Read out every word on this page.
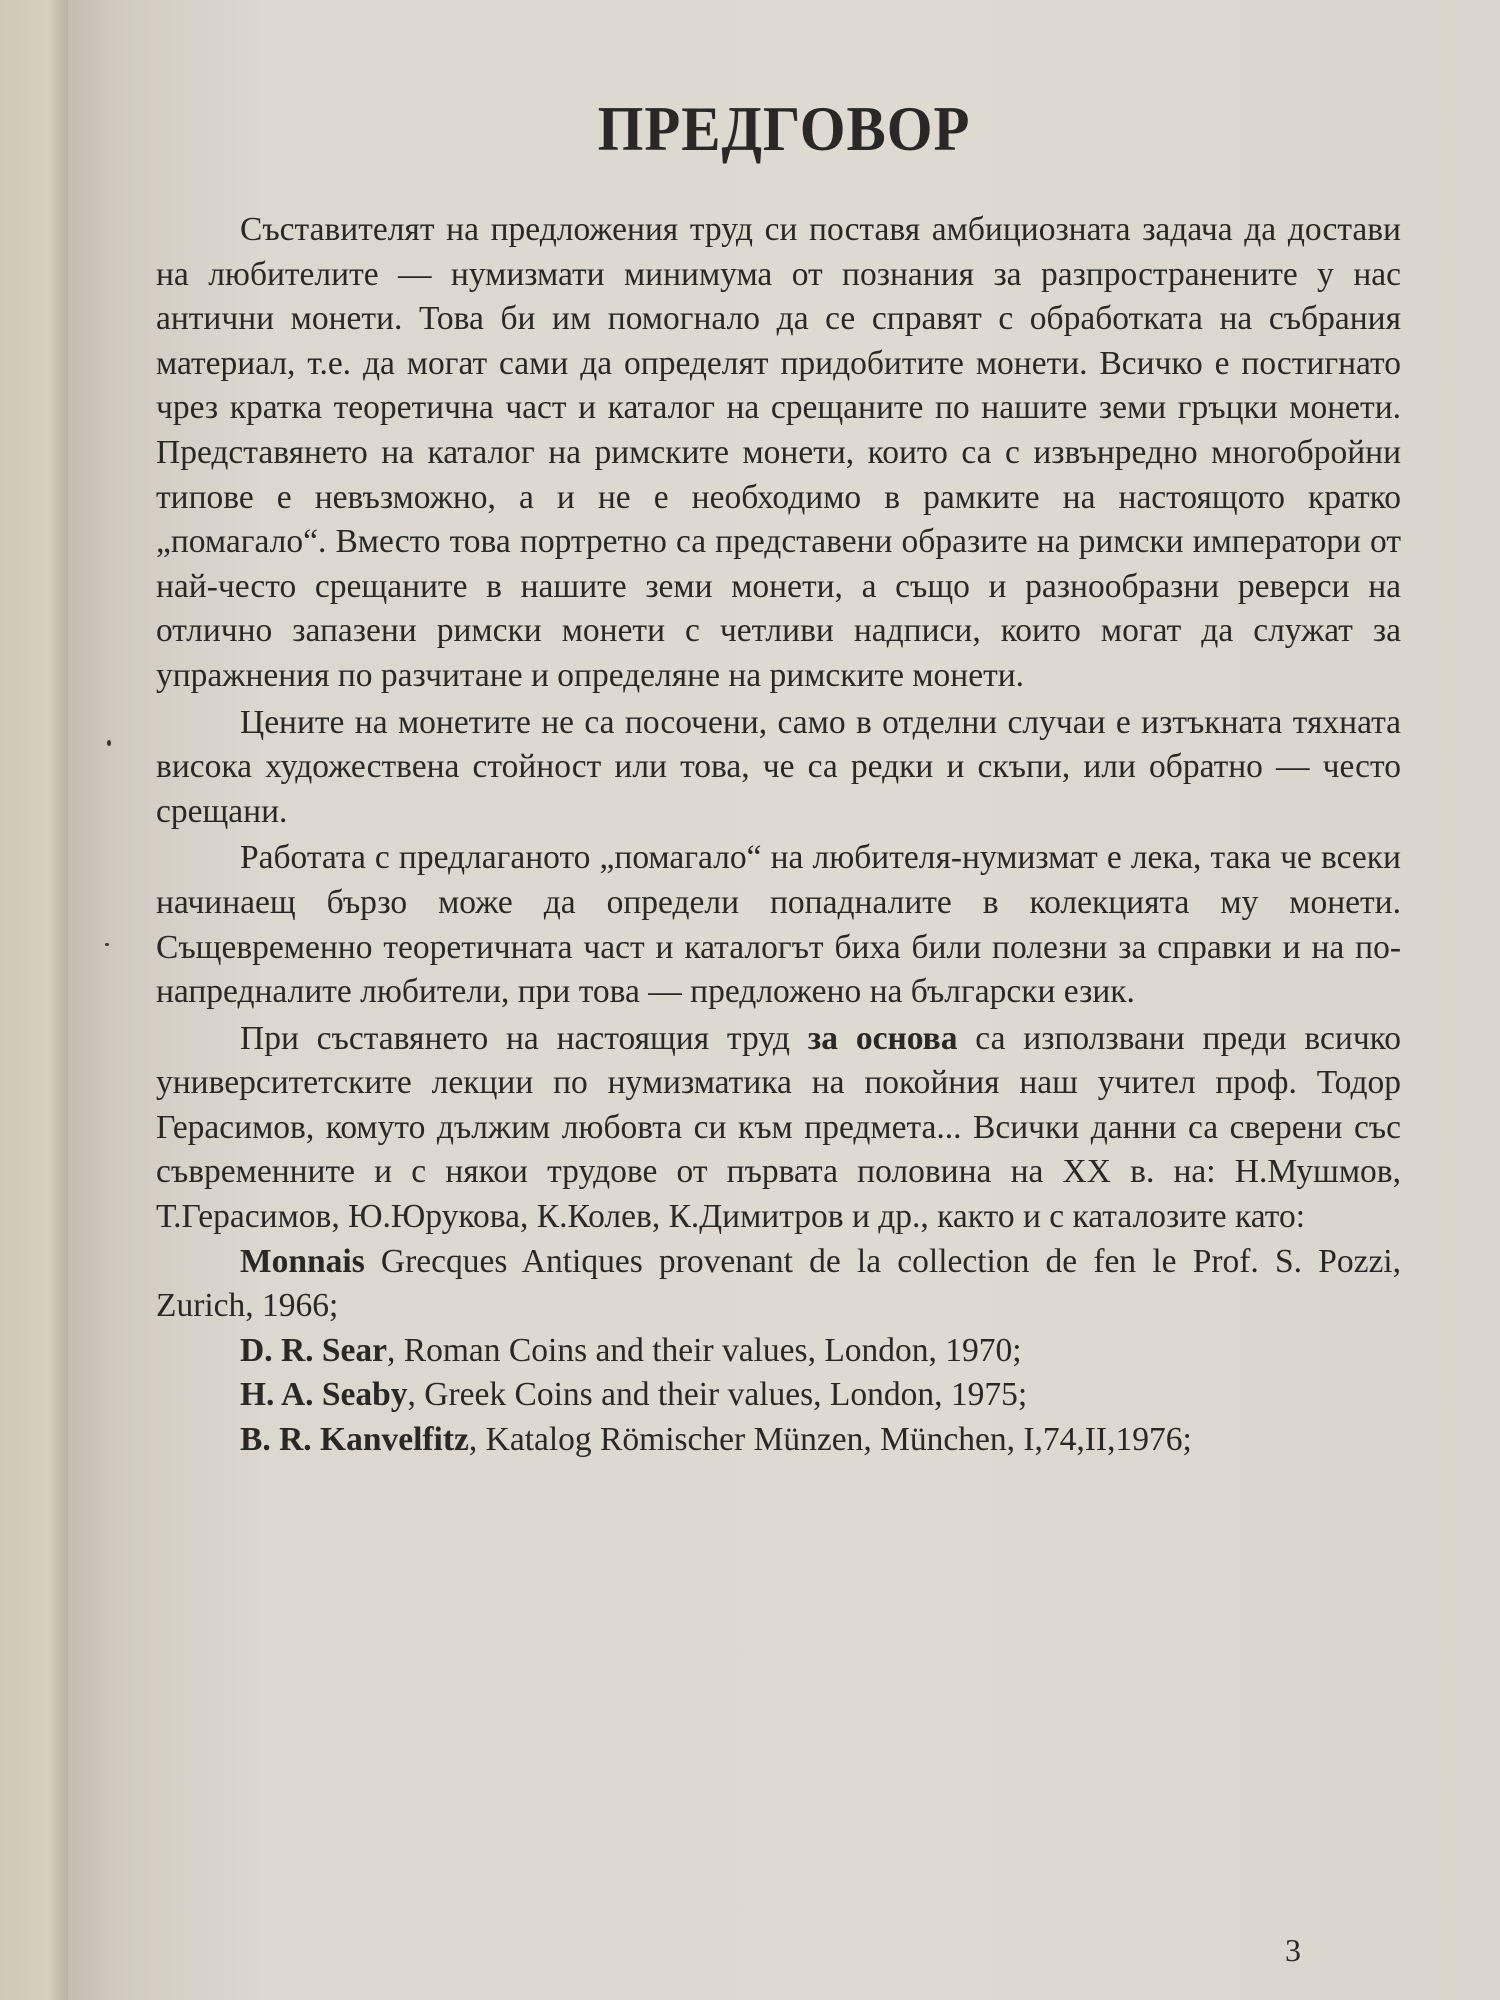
ПРЕДГОВОР

Съставителят на предложения труд си поставя амбициозната задача да достави на любителите — нумизмати минимума от познания за разпространените у нас антични монети. Това би им помогнало да се справят с обработката на събрания материал, т.е. да могат сами да определят придобитите монети. Всичко е постигнато чрез кратка теоретична част и каталог на срещаните по нашите земи гръцки монети. Представянето на каталог на римските монети, които са с извънредно многобройни типове е невъзможно, а и не е необходимо в рамките на настоящото кратко „помагало“. Вместо това портретно са представени образите на римски императори от най-често срещаните в нашите земи монети, а също и разнообразни реверси на отлично запазени римски монети с четливи надписи, които могат да служат за упражнения по разчитане и определяне на римските монети.

Цените на монетите не са посочени, само в отделни случаи е изтъкната тяхната висока художествена стойност или това, че са редки и скъпи, или обратно — често срещани.

Работата с предлаганото „помагало“ на любителя-нумизмат е лека, така че всеки начинаещ бързо може да определи попадналите в колекцията му монети. Същевременно теоретичната част и каталогът биха били полезни за справки и на по-напредналите любители, при това — предложено на български език.

При съставянето на настоящия труд за основа са използвани преди всичко университетските лекции по нумизматика на покойния наш учител проф. Тодор Герасимов, комуто дължим любовта си към предмета... Всички данни са сверени със съвременните и с някои трудове от първата половина на XX в. на: Н.Мушмов, Т.Герасимов, Ю.Юрукова, К.Колев, К.Димитров и др., както и с каталозите като:

Monnais Grecques Antiques provenant de la collection de fen le Prof. S. Pozzi, Zurich, 1966;

D. R. Sear, Roman Coins and their values, London, 1970;

H. A. Seaby, Greek Coins and their values, London, 1975;

B. R. Kanvelfitz, Katalog Römischer Münzen, München, I,74,II,1976;

3
